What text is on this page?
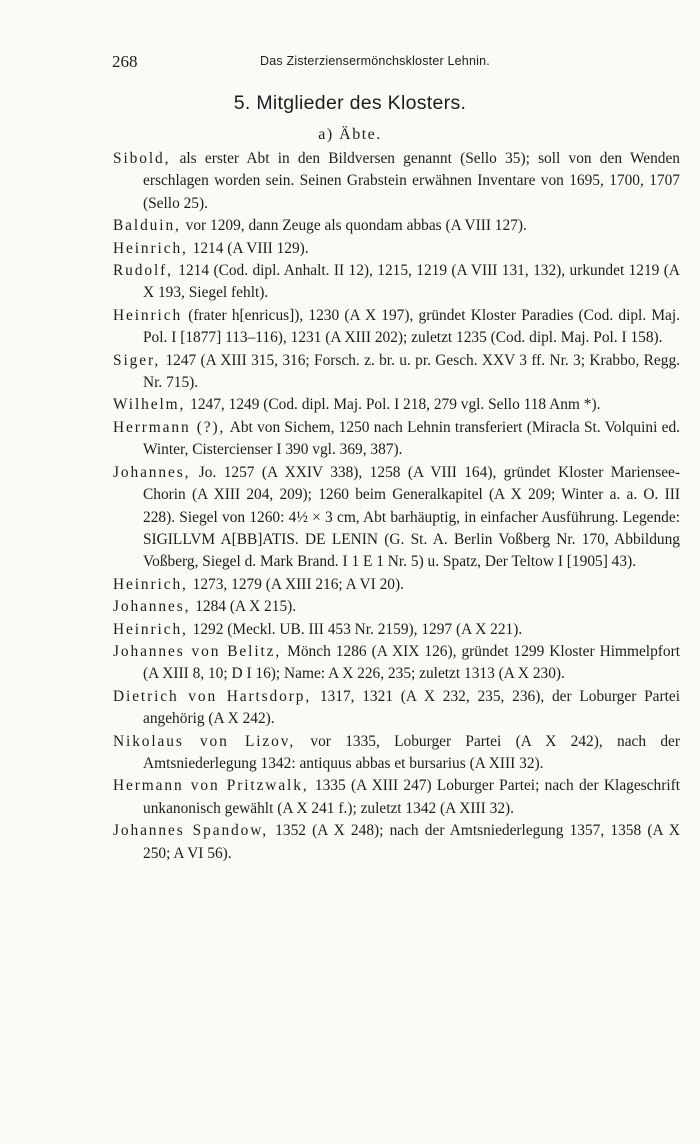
268	Das Zisterziensermönchskloster Lehnin.
5. Mitglieder des Klosters.
a) Äbte.

Sibold, als erster Abt in den Bildversen genannt (Sello 35); soll von den Wenden erschlagen worden sein. Seinen Grabstein erwähnen Inventare von 1695, 1700, 1707 (Sello 25).

Balduin, vor 1209, dann Zeuge als quondam abbas (A VIII 127).

Heinrich, 1214 (A VIII 129).

Rudolf, 1214 (Cod. dipl. Anhalt. II 12), 1215, 1219 (A VIII 131, 132), urkundet 1219 (A X 193, Siegel fehlt).

Heinrich (frater h[enricus]), 1230 (A X 197), gründet Kloster Paradies (Cod. dipl. Maj. Pol. I [1877] 113–116), 1231 (A XIII 202); zuletzt 1235 (Cod. dipl. Maj. Pol. I 158).

Siger, 1247 (A XIII 315, 316; Forsch. z. br. u. pr. Gesch. XXV 3 ff. Nr. 3; Krabbo, Regg. Nr. 715).

Wilhelm, 1247, 1249 (Cod. dipl. Maj. Pol. I 218, 279 vgl. Sello 118 Anm *).

Herrmann (?), Abt von Sichem, 1250 nach Lehnin transferiert (Miracla St. Volquini ed. Winter, Cistercienser I 390 vgl. 369, 387).

Johannes, Jo. 1257 (A XXIV 338), 1258 (A VIII 164), gründet Kloster Mariensee-Chorin (A XIII 204, 209); 1260 beim Generalkapitel (A X 209; Winter a. a. O. III 228). Siegel von 1260: 4½ × 3 cm, Abt barhäuptig, in einfacher Ausführung. Legende: SIGILLVM A[BB]ATIS. DE LENIN (G. St. A. Berlin Voßberg Nr. 170, Abbildung Voßberg, Siegel d. Mark Brand. I 1 E 1 Nr. 5) u. Spatz, Der Teltow I [1905] 43).

Heinrich, 1273, 1279 (A XIII 216; A VI 20).

Johannes, 1284 (A X 215).

Heinrich, 1292 (Meckl. UB. III 453 Nr. 2159), 1297 (A X 221).

Johannes von Belitz, Mönch 1286 (A XIX 126), gründet 1299 Kloster Himmelpfort (A XIII 8, 10; D I 16); Name: A X 226, 235; zuletzt 1313 (A X 230).

Dietrich von Hartsdorp, 1317, 1321 (A X 232, 235, 236), der Loburger Partei angehörig (A X 242).

Nikolaus von Lizov, vor 1335, Loburger Partei (A X 242), nach der Amtsniederlegung 1342: antiquus abbas et bursarius (A XIII 32).

Hermann von Pritzwalk, 1335 (A XIII 247) Loburger Partei; nach der Klageschrift unkanonisch gewählt (A X 241 f.); zuletzt 1342 (A XIII 32).

Johannes Spandow, 1352 (A X 248); nach der Amtsniederlegung 1357, 1358 (A X 250; A VI 56).
